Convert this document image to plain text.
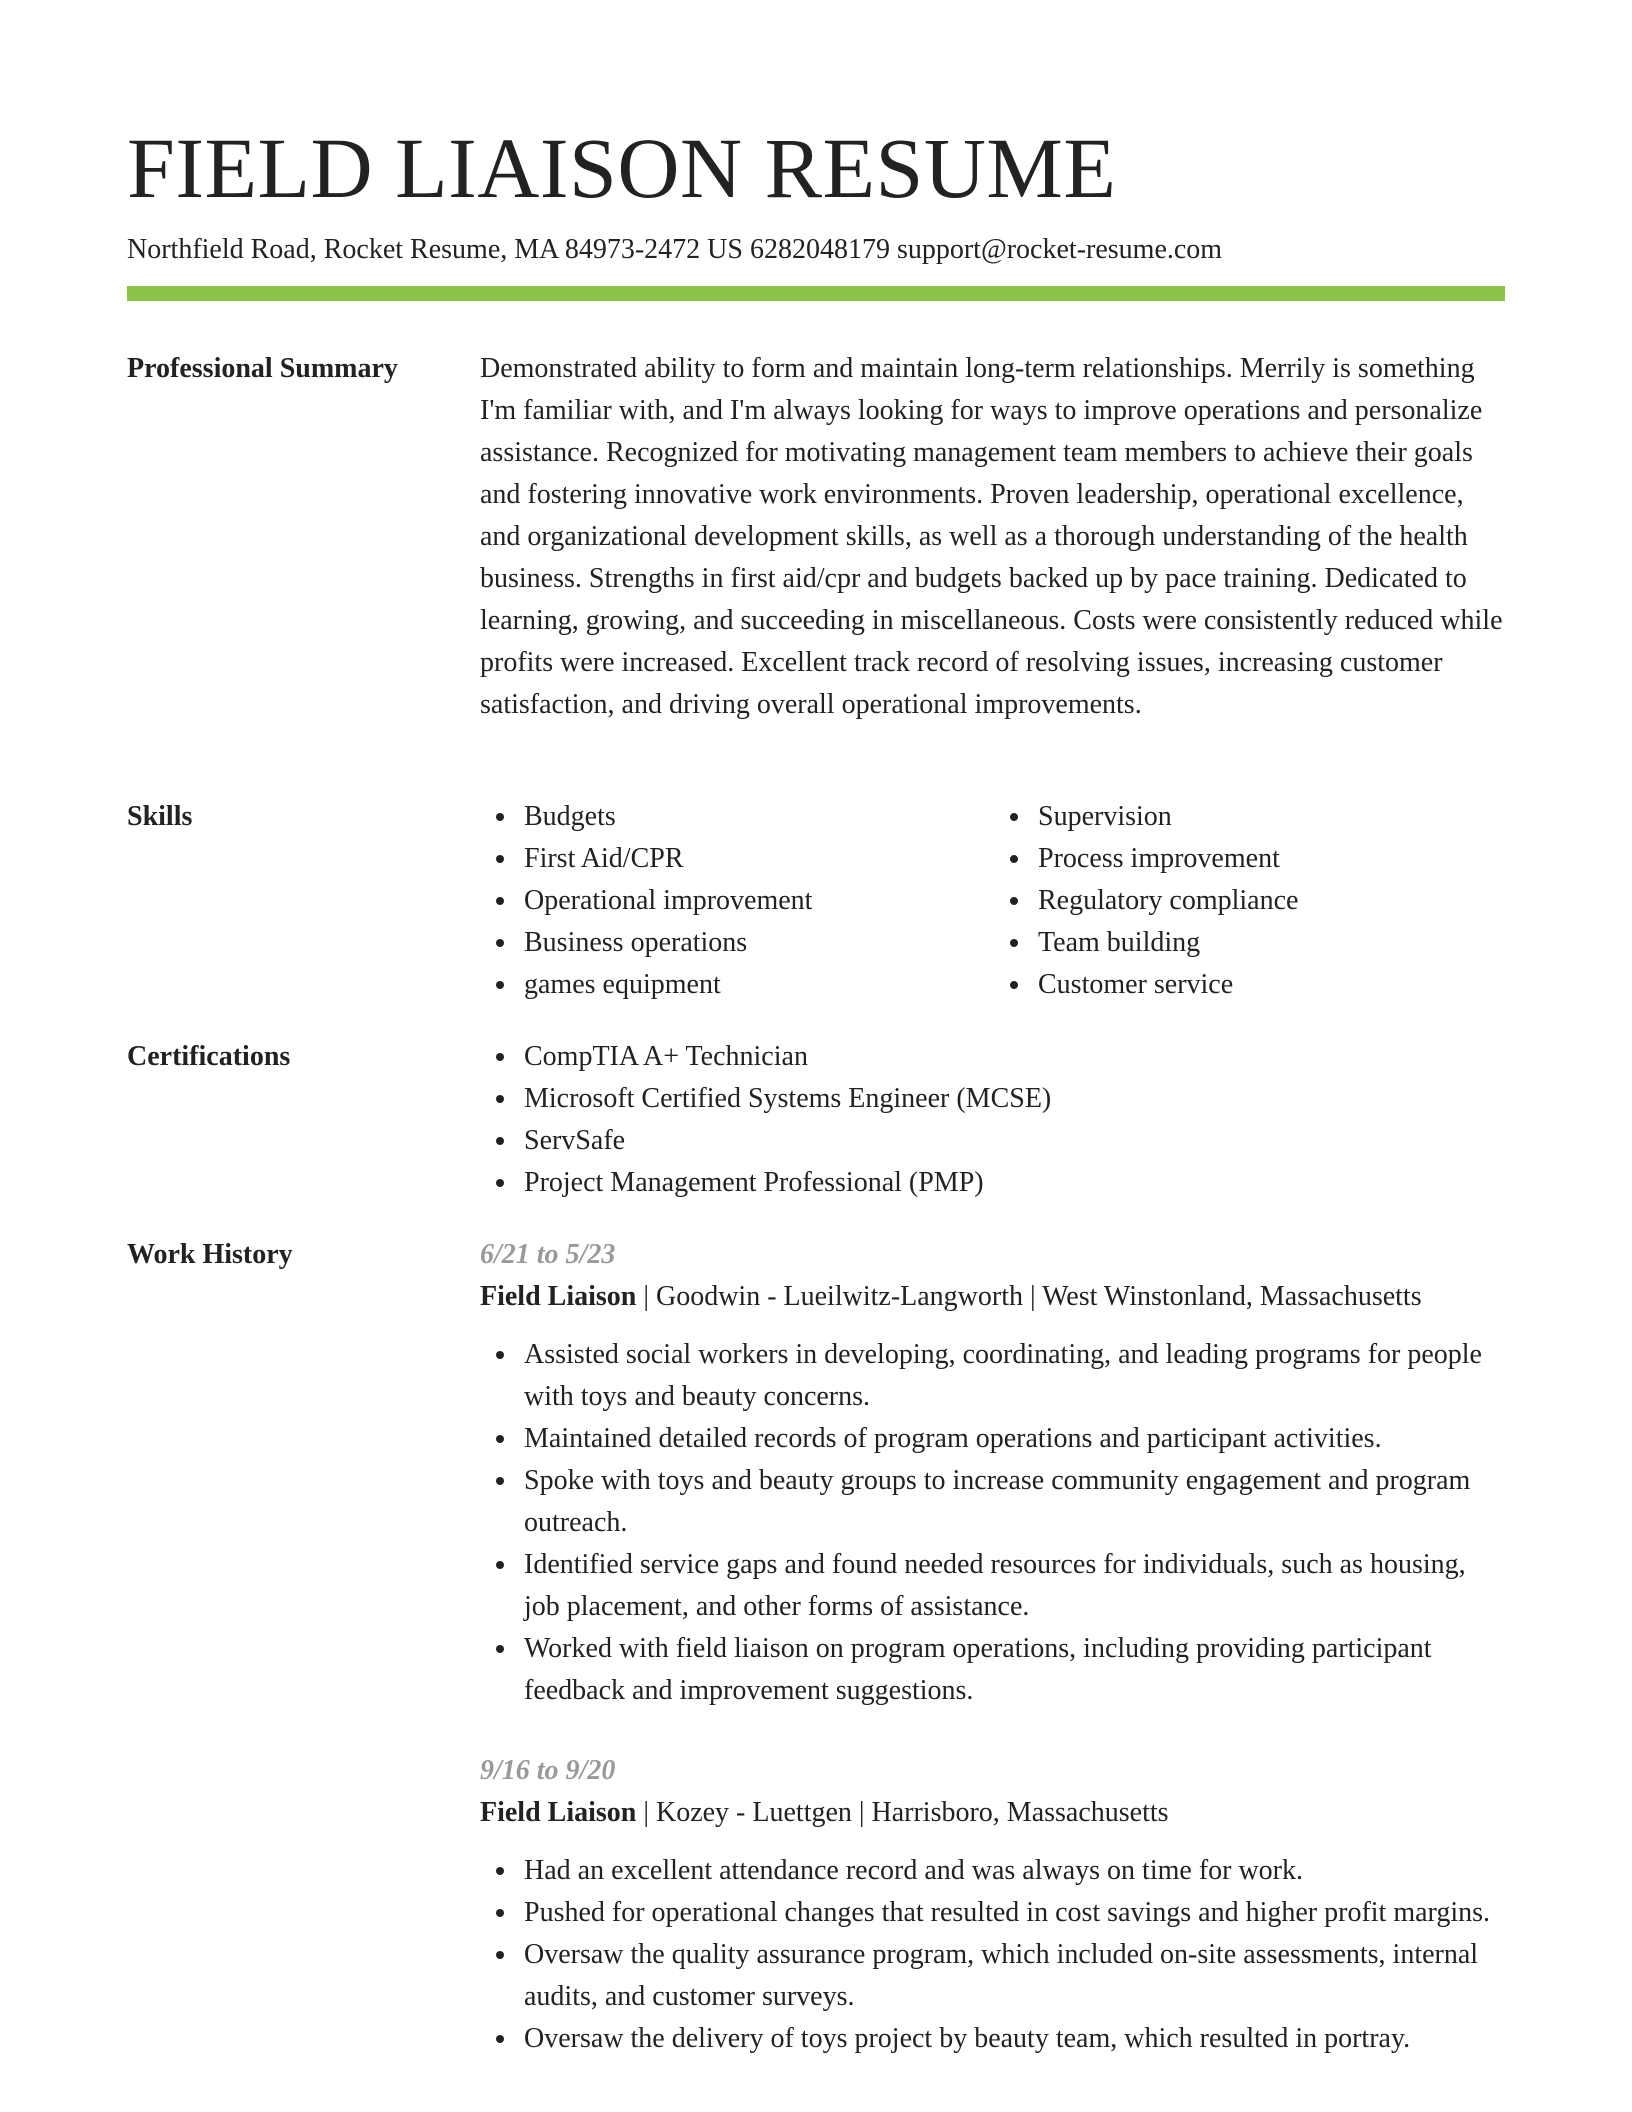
FIELD LIAISON RESUME
Northfield Road, Rocket Resume, MA 84973-2472 US 6282048179 support@rocket-resume.com
Professional Summary	Demonstrated ability to form and maintain long-term relationships. Merrily is something I'm familiar with, and I'm always looking for ways to improve operations and personalize assistance. Recognized for motivating management team members to achieve their goals and fostering innovative work environments. Proven leadership, operational excellence, and organizational development skills, as well as a thorough understanding of the health business. Strengths in first aid/cpr and budgets backed up by pace training. Dedicated to learning, growing, and succeeding in miscellaneous. Costs were consistently reduced while profits were increased. Excellent track record of resolving issues, increasing customer satisfaction, and driving overall operational improvements.

Skills	Budgets
First Aid/CPR
Operational improvement
Business operations
games equipment
Supervision
Process improvement
Regulatory compliance
Team building
Customer service
Certifications	CompTIA A+ Technician
Microsoft Certified Systems Engineer (MCSE)
ServSafe
Project Management Professional (PMP)
Work History	6/21 to 5/23
Field Liaison | Goodwin - Lueilwitz-Langworth | West Winstonland, Massachusetts
Assisted social workers in developing, coordinating, and leading programs for people with toys and beauty concerns.
Maintained detailed records of program operations and participant activities.
Spoke with toys and beauty groups to increase community engagement and program outreach.
Identified service gaps and found needed resources for individuals, such as housing, job placement, and other forms of assistance.
Worked with field liaison on program operations, including providing participant feedback and improvement suggestions.
9/16 to 9/20
Field Liaison | Kozey - Luettgen | Harrisboro, Massachusetts
Had an excellent attendance record and was always on time for work.
Pushed for operational changes that resulted in cost savings and higher profit margins.
Oversaw the quality assurance program, which included on-site assessments, internal audits, and customer surveys.
Oversaw the delivery of toys project by beauty team, which resulted in portray.
